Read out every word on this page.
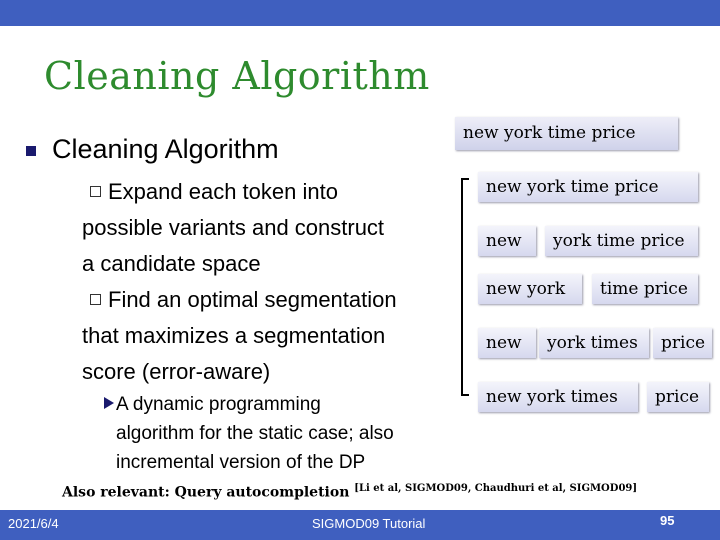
Cleaning Algorithm
Cleaning Algorithm
Expand each token into
possible variants and construct
a candidate space
Find an optimal segmentation
that maximizes a segmentation
score (error-aware)
A dynamic programming
algorithm for the static case; also
incremental version of the DP
new york time price
new york time price
new	york time price
new york	time price
new	york times	price
new york times	price
Also relevant: Query autocompletion [Li et al, SIGMOD09, Chaudhuri et al, SIGMOD09]
2021/6/4	SIGMOD09 Tutorial	95
